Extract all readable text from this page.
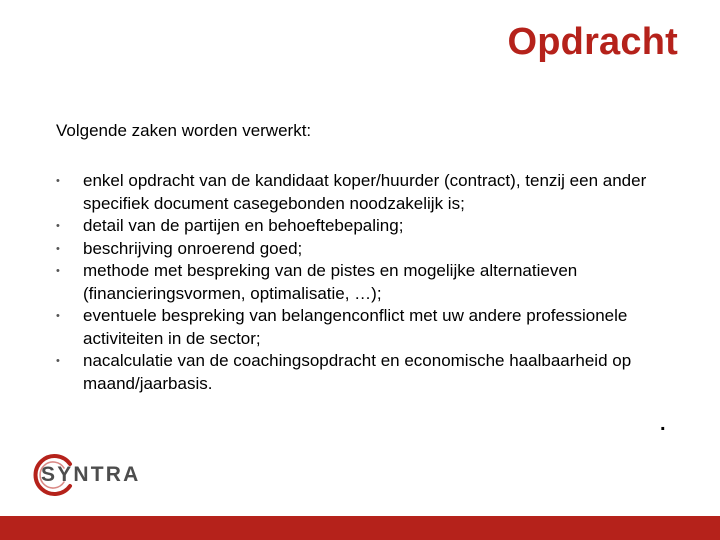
Opdracht
Volgende zaken worden verwerkt:
•	enkel opdracht van de kandidaat koper/huurder (contract), tenzij een ander specifiek document casegebonden noodzakelijk is;
•	detail van de partijen en behoeftebepaling;
•	beschrijving onroerend goed;
•	methode met bespreking van de pistes en mogelijke alternatieven (financieringsvormen, optimalisatie, …);
•	eventuele bespreking van belangenconflict met uw andere professionele activiteiten in de sector;
•	nacalculatie van de coachingsopdracht en economische haalbaarheid op maand/jaarbasis.
.
SYNTRA
